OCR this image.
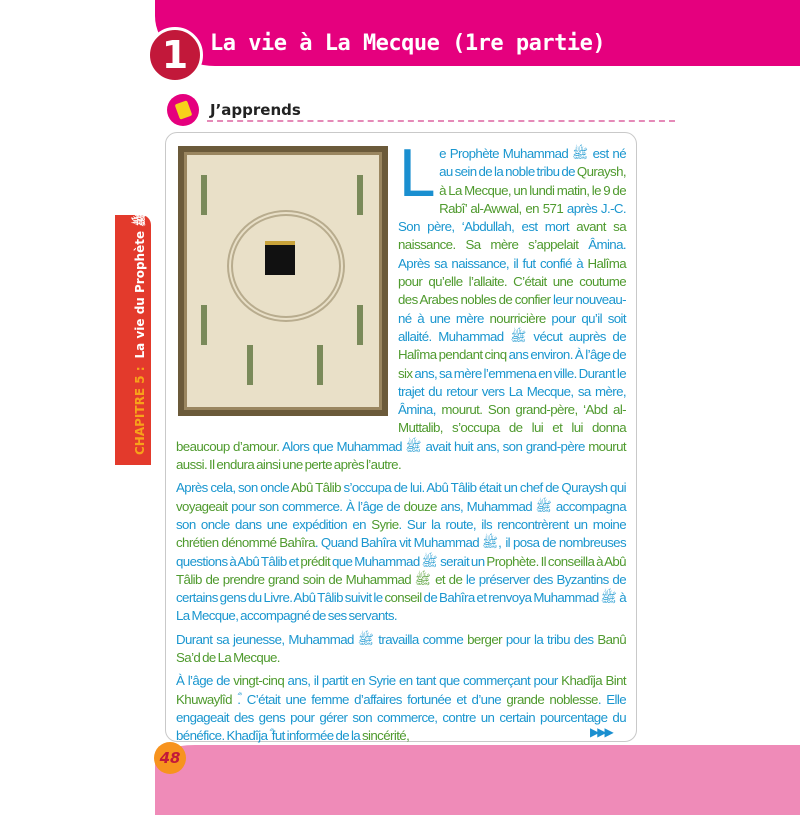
1 La vie à La Mecque (1re partie)
J’apprends
CHAPITRE 5 :La vie du Prophète ﷺ

Le Prophète Muhammad ﷺ est né au sein de la noble tribu de Quraysh, à La Mecque, un lundi matin, le 9 de Rabî’ al-Awwal, en 571 après J.-C. Son père, ‘Abdullah, est mort avant sa naissance. Sa mère s’appelait Âmina. Après sa naissance, il fut confié à Halîma pour qu’elle l’allaite. C’était une coutume des Arabes nobles de confier leur nouveau-né à une mère nourricière pour qu’il soit allaité. Muhammad ﷺ vécut auprès de Halîma pendant cinq ans environ. À l’âge de six ans, sa mère l’emmena en ville. Durant le trajet du retour vers La Mecque, sa mère, Âmina, mourut. Son grand-père, ‘Abd al-Muttalib, s’occupa de lui et lui donna beaucoup d’amour. Alors que Muhammad ﷺ avait huit ans, son grand-père mourut aussi. Il endura ainsi une perte après l’autre.

Après cela, son oncle Abû Tâlib s’occupa de lui. Abû Tâlib était un chef de Quraysh qui voyageait pour son commerce. À l’âge de douze ans, Muhammad ﷺ accompagna son oncle dans une expédition en Syrie. Sur la route, ils rencontrèrent un moine chrétien dénommé Bahîra. Quand Bahîra vit Muhammad ﷺ, il posa de nombreuses questions à Abû Tâlib et prédit que Muhammad ﷺ serait un Prophète. Il conseilla à Abû Tâlib de prendre grand soin de Muhammad ﷺ et de le préserver des Byzantins de certains gens du Livre. Abû Tâlib suivit le conseil de Bahîra et renvoya Muhammad ﷺ à La Mecque, accompagné de ses servants.

Durant sa jeunesse, Muhammad ﷺ travailla comme berger pour la tribu des Banû Sa’d de La Mecque.

À l’âge de vingt-cinq ans, il partit en Syrie en tant que commerçant pour Khadîja Bint Khuwaylîd ؓ. C’était une femme d’affaires fortunée et d’une grande noblesse. Elle engageait des gens pour gérer son commerce, contre un certain pourcentage du bénéfice. Khadîja ؓ fut informée de la sincérité,	▶▶▶
48
